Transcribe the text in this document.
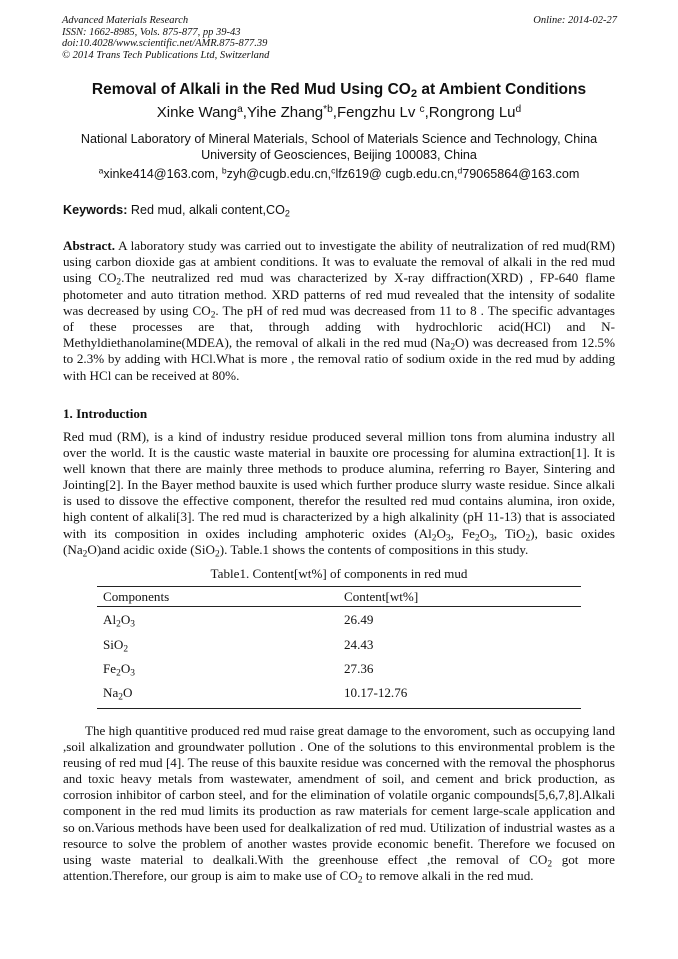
Advanced Materials Research
ISSN: 1662-8985, Vols. 875-877, pp 39-43
doi:10.4028/www.scientific.net/AMR.875-877.39
© 2014 Trans Tech Publications Ltd, Switzerland
Online: 2014-02-27
Removal of Alkali in the Red Mud Using $CO_2$ at Ambient Conditions
Xinke Wang$^a$,Yihe Zhang$^{*b}$,Fengzhu Lv $^c$,Rongrong Lu$^d$
National Laboratory of Mineral Materials, School of Materials Science and Technology, China
University of Geosciences, Beijing 100083, China
$^a$xinke414@163.com, $^b$zyh@cugb.edu.cn,$^c$lfz619@ cugb.edu.cn,$^d$79065864@163.com
Keywords: Red mud, alkali $content,CO_2$
Abstract. A laboratory study was carried out to investigate the ability of neutralization of red mud(RM) using carbon dioxide gas at ambient conditions. It was to evaluate the removal of alkali in the red mud using $CO_2.The$ neutralized red mud was characterized by X-ray diffraction(XRD) , FP-640 flame photometer and auto titration method. XRD patterns of red mud revealed that the intensity of sodalite was decreased by using $CO_2$. The pH of red mud was decreased from 11 to 8 . The specific advantages of these processes are that, through adding with hydrochloric acid(HCl) and N-Methyldiethanolamine(MDEA), the removal of alkali in the red mud $(Na_2O)$ was decreased from 12.5% to 2.3% by adding with HCl.What is more , the removal ratio of sodium oxide in the red mud by adding with HCl can be received at 80%.
1. Introduction
Red mud (RM), is a kind of industry residue produced several million tons from alumina industry all over the world. It is the caustic waste material in bauxite ore processing for alumina extraction[1]. It is well known that there are mainly three methods to produce alumina, referring ro Bayer, Sintering and Jointing[2]. In the Bayer method bauxite is used which further produce slurry waste residue. Since alkali is used to dissove the effective component, therefor the resulted red mud contains alumina, iron oxide, high content of alkali[3]. The red mud is characterized by a high alkalinity (pH 11-13) that is associated with its composition in oxides including amphoteric oxides ($Al_2O_3$, $Fe_2O_3$, TiO$_2$), basic oxides $(Na_2O)and$ acidic oxide (SiO$_2$). Table.1 shows the contents of compositions in this study.
Table1. Content[wt%] of components in red mud
Components	Content[wt%]
$Al_2O_3$	26.49
SiO$_2$	24.43
$Fe_2O_3$	27.36
$Na_2O$	10.17-12.76

The high quantitive produced red mud raise great damage to the envoroment, such as occupying land ,soil alkalization and groundwater pollution . One of the solutions to this environmental problem is the reusing of red mud [4]. The reuse of this bauxite residue was concerned with the removal the phosphorus and toxic heavy metals from wastewater, amendment of soil, and cement and brick production, as corrosion inhibitor of carbon steel, and for the elimination of volatile organic compounds[5,6,7,8].Alkali component in the red mud limits its production as raw materials for cement large-scale application and so on.Various methods have been used for dealkalization of red mud. Utilization of industrial wastes as a resource to solve the problem of another wastes provide economic benefit. Therefore we focused on using waste material to dealkali.With the greenhouse effect ,the removal of $CO_2$ got more attention.Therefore, our group is aim to make use of $CO_2$ to remove alkali in the red mud.
